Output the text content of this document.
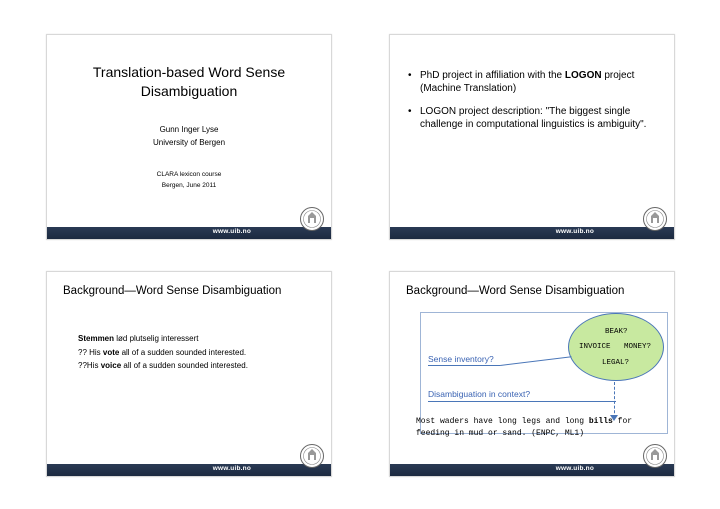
Translation-based Word Sense
Disambiguation
Gunn Inger Lyse
University of Bergen
CLARA lexicon course
Bergen, June 2011
www.uib.no
• PhD project in affiliation with the LOGON project (Machine Translation)
• LOGON project description: "The biggest single challenge in computational linguistics is ambiguity".
www.uib.no
Background—Word Sense Disambiguation
Stemmen lød plutselig interessert
?? His vote all of a sudden sounded interested.
??His voice all of a sudden sounded interested.
www.uib.no
Background—Word Sense Disambiguation
BEAK?
INVOICE MONEY?
LEGAL?
Sense inventory?
Disambiguation in context?
Most waders have long legs and long bills for feeding in mud or sand. (ENPC, ML1)
www.uib.no
